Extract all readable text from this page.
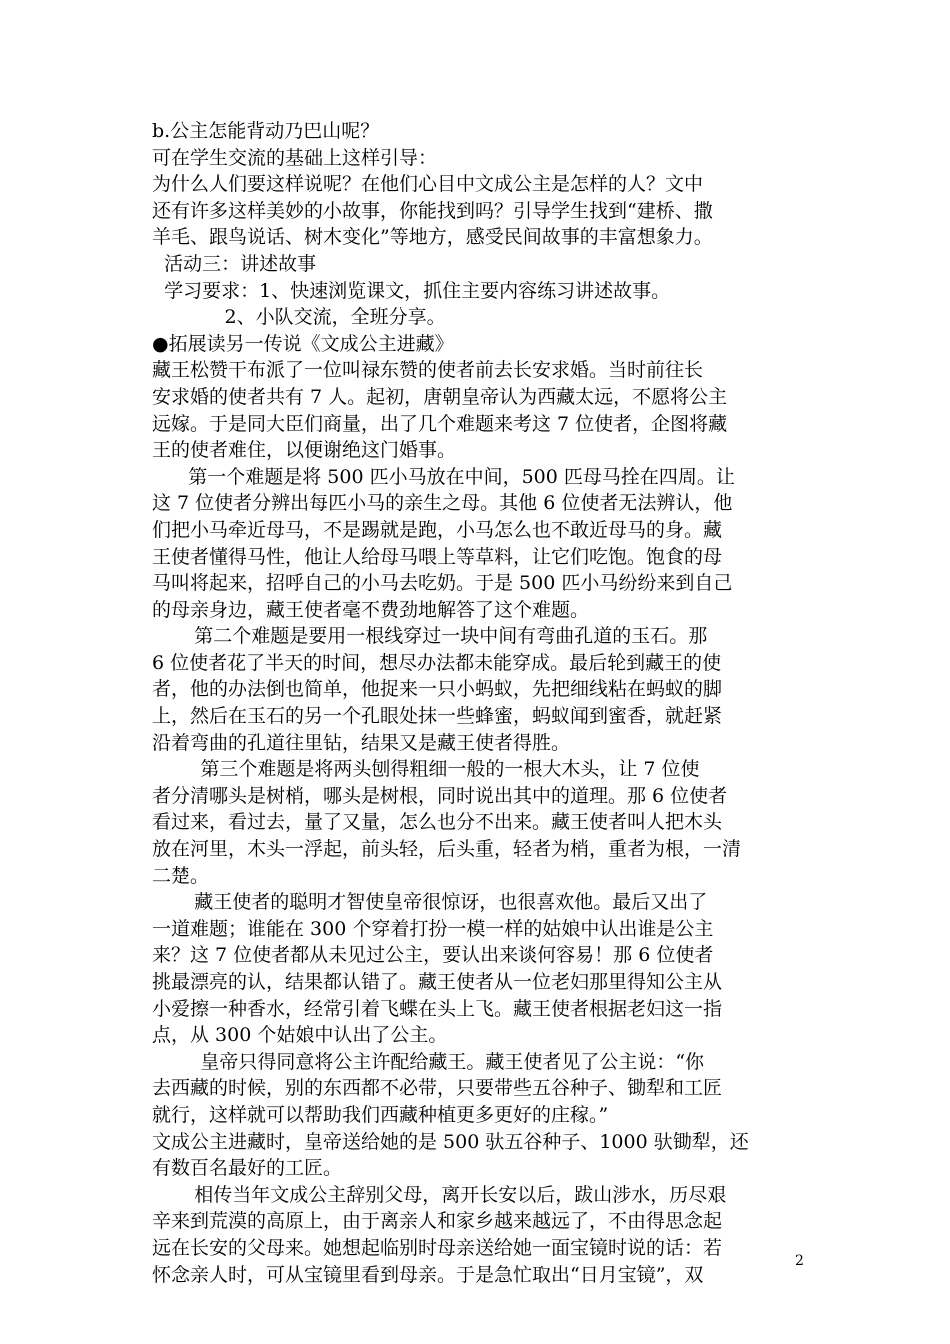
b.公主怎能背动乃巴山呢？
可在学生交流的基础上这样引导：
为什么人们要这样说呢？在他们心目中文成公主是怎样的人？文中
还有许多这样美妙的小故事，你能找到吗？引导学生找到“建桥、撒
羊毛、跟鸟说话、树木变化”等地方，感受民间故事的丰富想象力。
活动三：讲述故事
学习要求：1、快速浏览课文，抓住主要内容练习讲述故事。
2、小队交流，全班分享。
●拓展读另一传说《文成公主进藏》
藏王松赞干布派了一位叫禄东赞的使者前去长安求婚。当时前往长
安求婚的使者共有 7 人。起初，唐朝皇帝认为西藏太远，不愿将公主
远嫁。于是同大臣们商量，出了几个难题来考这 7 位使者，企图将藏
王的使者难住，以便谢绝这门婚事。
第一个难题是将 500 匹小马放在中间，500 匹母马拴在四周。让
这 7 位使者分辨出每匹小马的亲生之母。其他 6 位使者无法辨认，他
们把小马牵近母马，不是踢就是跑，小马怎么也不敢近母马的身。藏
王使者懂得马性，他让人给母马喂上等草料，让它们吃饱。饱食的母
马叫将起来，招呼自己的小马去吃奶。于是 500 匹小马纷纷来到自己
的母亲身边，藏王使者毫不费劲地解答了这个难题。
第二个难题是要用一根线穿过一块中间有弯曲孔道的玉石。那
6 位使者花了半天的时间，想尽办法都未能穿成。最后轮到藏王的使
者，他的办法倒也简单，他捉来一只小蚂蚁，先把细线粘在蚂蚁的脚
上，然后在玉石的另一个孔眼处抹一些蜂蜜，蚂蚁闻到蜜香，就赶紧
沿着弯曲的孔道往里钻，结果又是藏王使者得胜。
第三个难题是将两头刨得粗细一般的一根大木头，让 7 位使
者分清哪头是树梢，哪头是树根，同时说出其中的道理。那 6 位使者
看过来，看过去，量了又量，怎么也分不出来。藏王使者叫人把木头
放在河里，木头一浮起，前头轻，后头重，轻者为梢，重者为根，一清
二楚。
藏王使者的聪明才智使皇帝很惊讶，也很喜欢他。最后又出了
一道难题；谁能在 300 个穿着打扮一模一样的姑娘中认出谁是公主
来？这 7 位使者都从未见过公主，要认出来谈何容易！那 6 位使者
挑最漂亮的认，结果都认错了。藏王使者从一位老妇那里得知公主从
小爱擦一种香水，经常引着飞蝶在头上飞。藏王使者根据老妇这一指
点，从 300 个姑娘中认出了公主。
皇帝只得同意将公主许配给藏王。藏王使者见了公主说：“你
去西藏的时候，别的东西都不必带，只要带些五谷种子、锄犁和工匠
就行，这样就可以帮助我们西藏种植更多更好的庄稼。”
文成公主进藏时，皇帝送给她的是 500 驮五谷种子、1000 驮锄犁，还
有数百名最好的工匠。
相传当年文成公主辞别父母，离开长安以后，跋山涉水，历尽艰
辛来到荒漠的高原上，由于离亲人和家乡越来越远了，不由得思念起
远在长安的父母来。她想起临别时母亲送给她一面宝镜时说的话：若
怀念亲人时，可从宝镜里看到母亲。于是急忙取出“日月宝镜”，双
2
